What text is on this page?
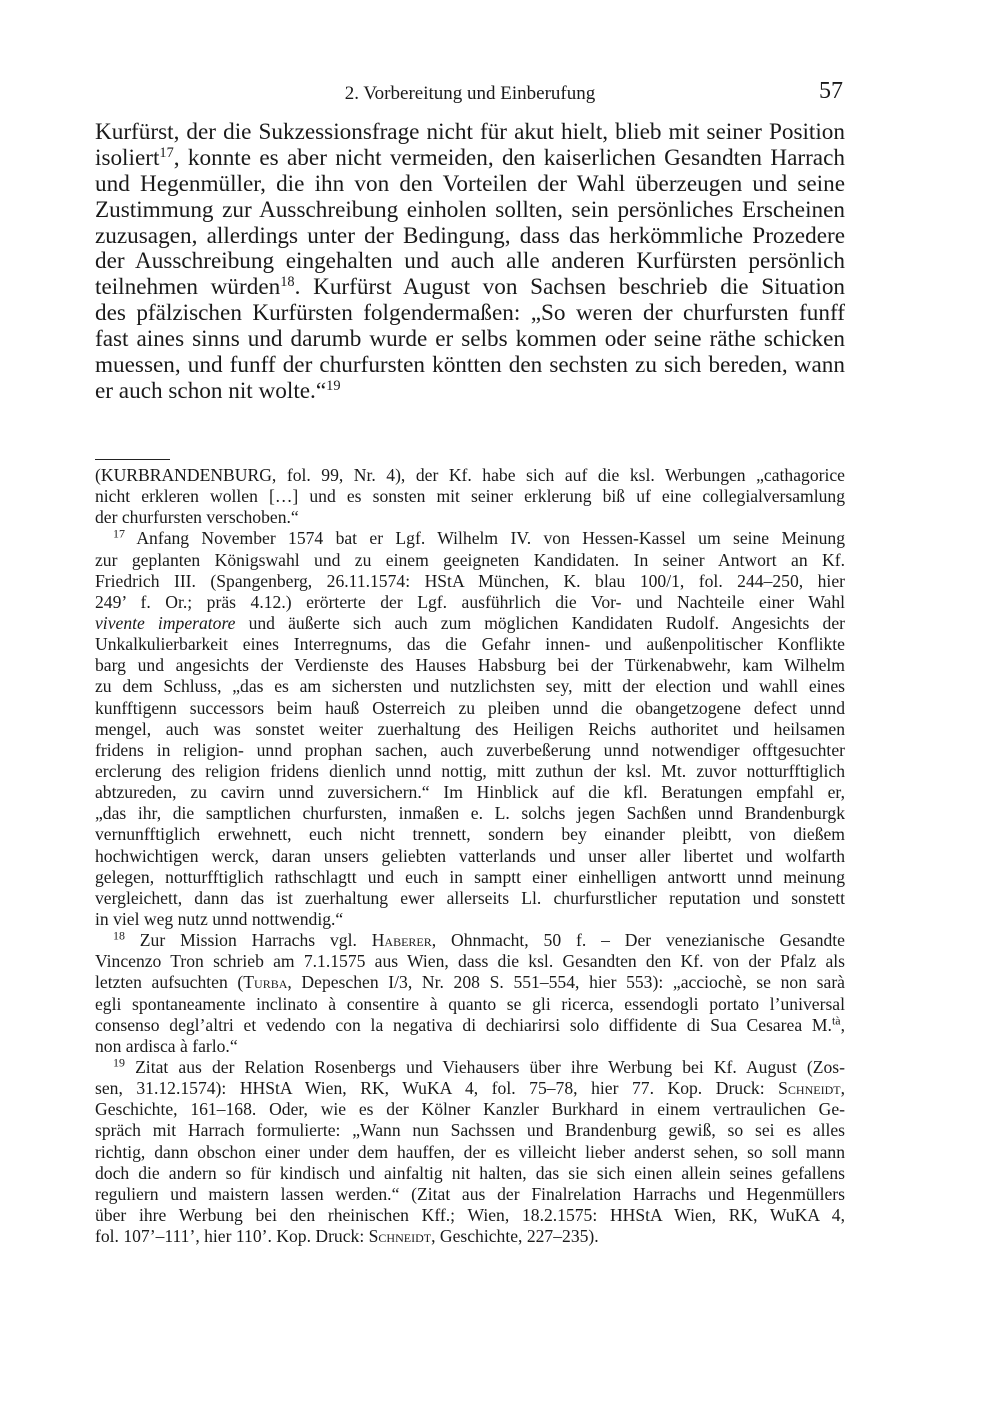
2. Vorbereitung und Einberufung	57
Kurfürst, der die Sukzessionsfrage nicht für akut hielt, blieb mit seiner Position
isoliert$^{17}$, konnte es aber nicht vermeiden, den kaiserlichen Gesandten Harrach
und Hegenmüller, die ihn von den Vorteilen der Wahl überzeugen und seine
Zustimmung zur Ausschreibung einholen sollten, sein persönliches Erscheinen
zuzusagen, allerdings unter der Bedingung, dass das herkömmliche Prozedere
der Ausschreibung eingehalten und auch alle anderen Kurfürsten persönlich
teilnehmen würden$^{18}$. Kurfürst August von Sachsen beschrieb die Situation
des pfälzischen Kurfürsten folgendermaßen: „So weren der churfursten funff
fast aines sinns und darumb wurde er selbs kommen oder seine räthe schicken
muessen, und funff der churfursten köntten den sechsten zu sich bereden, wann
er auch schon nit wolte.“$^{19}$
(KURBRANDENBURG, fol. 99, Nr. 4), der Kf. habe sich auf die ksl. Werbungen „cathagorice
nicht erkleren wollen […] und es sonsten mit seiner erklerung biß uf eine collegialversamlung
der churfursten verschoben.“
$^{17}$ Anfang November 1574 bat er Lgf. Wilhelm IV. von Hessen-Kassel um seine Meinung
zur geplanten Königswahl und zu einem geeigneten Kandidaten. In seiner Antwort an Kf.
Friedrich III. (Spangenberg, 26.11.1574: HStA München, K. blau 100/1, fol. 244–250, hier
249’ f. Or.; präs 4.12.) erörterte der Lgf. ausführlich die Vor- und Nachteile einer Wahl
vivente imperatore und äußerte sich auch zum möglichen Kandidaten Rudolf. Angesichts der
Unkalkulierbarkeit eines Interregnums, das die Gefahr innen- und außenpolitischer Konflikte
barg und angesichts der Verdienste des Hauses Habsburg bei der Türkenabwehr, kam Wilhelm
zu dem Schluss, „das es am sichersten und nutzlichsten sey, mitt der election und wahll eines
kunfftigenn successors beim hauß Osterreich zu pleiben unnd die obangetzogene defect unnd
mengel, auch was sonstet weiter zuerhaltung des Heiligen Reichs authoritet und heilsamen
fridens in religion- unnd prophan sachen, auch zuverbeßerung unnd notwendiger offtgesuchter
erclerung des religion fridens dienlich unnd nottig, mitt zuthun der ksl. Mt. zuvor notturfftiglich
abtzureden, zu cavirn unnd zuversichern.“ Im Hinblick auf die kfl. Beratungen empfahl er,
„das ihr, die samptlichen churfursten, inmaßen e. L. solchs jegen Sachßen unnd Brandenburgk
vernunfftiglich erwehnett, euch nicht trennett, sondern bey einander pleibtt, von dießem
hochwichtigen werck, daran unsers geliebten vatterlands und unser aller libertet und wolfarth
gelegen, notturfftiglich rathschlagtt und euch in samptt einer einhelligen antwortt unnd meinung
vergleichett, dann das ist zuerhaltung ewer allerseits Ll. churfurstlicher reputation und sonstett
in viel weg nutz unnd nottwendig.“
$^{18}$ Zur Mission Harrachs vgl. Haberer, Ohnmacht, 50 f. – Der venezianische Gesandte
Vincenzo Tron schrieb am 7.1.1575 aus Wien, dass die ksl. Gesandten den Kf. von der Pfalz als
letzten aufsuchten (Turba, Depeschen I/3, Nr. 208 S. 551–554, hier 553): „acciochè, se non sarà
egli spontaneamente inclinato à consentire à quanto se gli ricerca, essendogli portato l’universal
consenso degl’altri et vedendo con la negativa di dechiarirsi solo diffidente di Sua Cesarea M.$^{tà}$,
non ardisca à farlo.“
$^{19}$ Zitat aus der Relation Rosenbergs und Viehausers über ihre Werbung bei Kf. August (Zos-
sen, 31.12.1574): HHStA Wien, RK, WuKA 4, fol. 75–78, hier 77. Kop. Druck: Schneidt,
Geschichte, 161–168. Oder, wie es der Kölner Kanzler Burkhard in einem vertraulichen Ge-
spräch mit Harrach formulierte: „Wann nun Sachssen und Brandenburg gewiß, so sei es alles
richtig, dann obschon einer under dem hauffen, der es villeicht lieber anderst sehen, so soll mann
doch die andern so für kindisch und ainfaltig nit halten, das sie sich einen allein seines gefallens
reguliern und maistern lassen werden.“ (Zitat aus der Finalrelation Harrachs und Hegenmüllers
über ihre Werbung bei den rheinischen Kff.; Wien, 18.2.1575: HHStA Wien, RK, WuKA 4,
fol. 107’–111’, hier 110’. Kop. Druck: Schneidt, Geschichte, 227–235).
